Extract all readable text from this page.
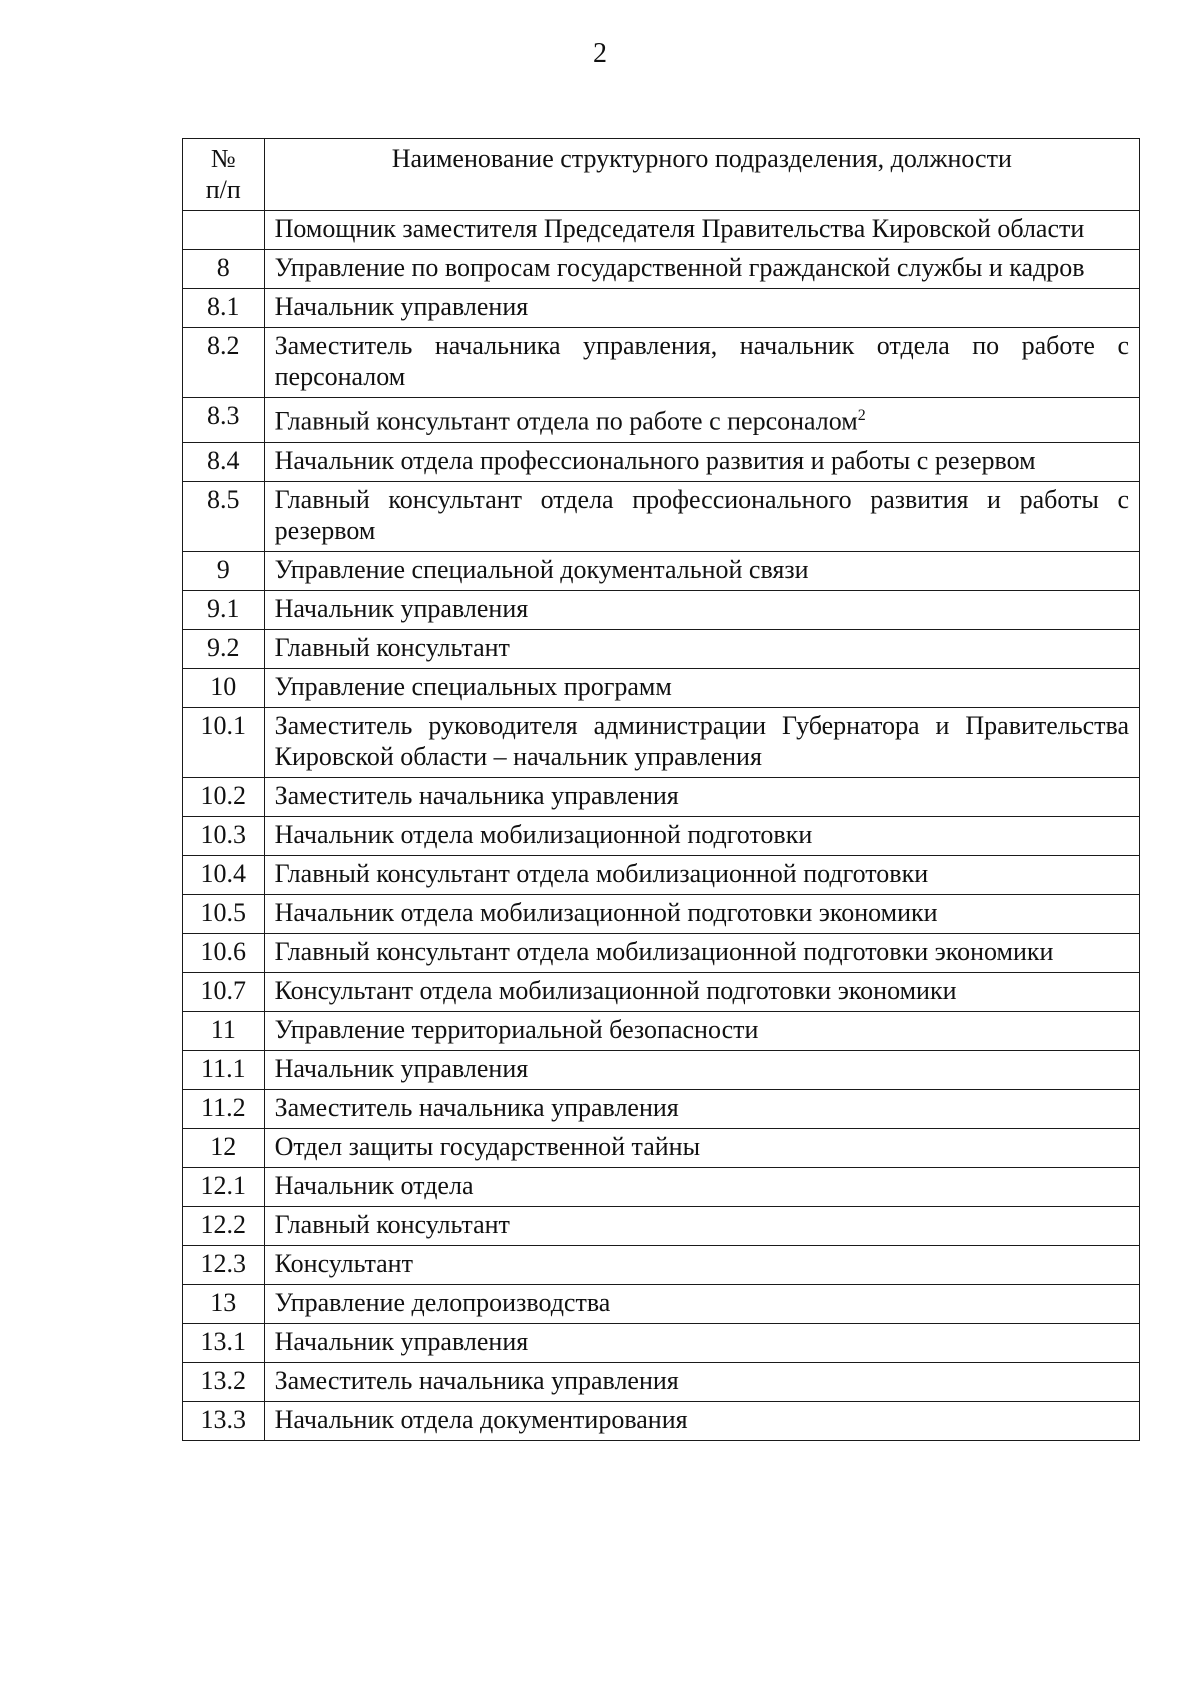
2
№
п/п	Наименование структурного подразделения, должности
	Помощник заместителя Председателя Правительства Кировской области
8	Управление по вопросам государственной гражданской службы и кадров
8.1	Начальник управления
8.2	Заместитель начальника управления, начальник отдела по работе с персоналом
8.3	Главный консультант отдела по работе с персоналом$^2$
8.4	Начальник отдела профессионального развития и работы с резервом
8.5	Главный консультант отдела профессионального развития и работы с резервом
9	Управление специальной документальной связи
9.1	Начальник управления
9.2	Главный консультант
10	Управление специальных программ
10.1	Заместитель руководителя администрации Губернатора и Правительства Кировской области – начальник управления
10.2	Заместитель начальника управления
10.3	Начальник отдела мобилизационной подготовки
10.4	Главный консультант отдела мобилизационной подготовки
10.5	Начальник отдела мобилизационной подготовки экономики
10.6	Главный консультант отдела мобилизационной подготовки экономики
10.7	Консультант отдела мобилизационной подготовки экономики
11	Управление территориальной безопасности
11.1	Начальник управления
11.2	Заместитель начальника управления
12	Отдел защиты государственной тайны
12.1	Начальник отдела
12.2	Главный консультант
12.3	Консультант
13	Управление делопроизводства
13.1	Начальник управления
13.2	Заместитель начальника управления
13.3	Начальник отдела документирования
